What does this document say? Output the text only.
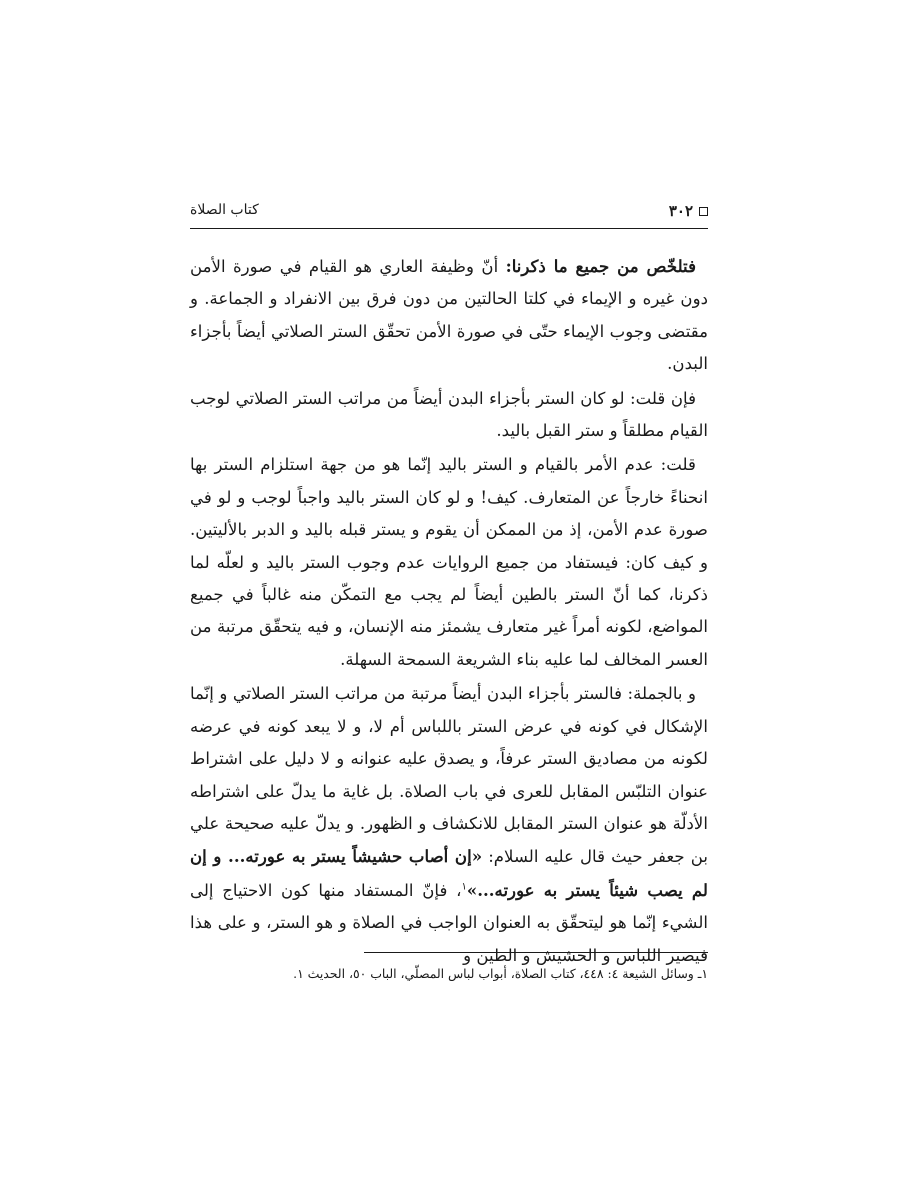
٣٠٢
كتاب الصلاة

فتلخّص من جميع ما ذكرنا: أنّ وظيفة العاري هو القيام في صورة الأمن دون غيره و الإيماء في كلتا الحالتين من دون فرق بين الانفراد و الجماعة. و مقتضى وجوب الإيماء حتّى في صورة الأمن تحقّق الستر الصلاتي أيضاً بأجزاء البدن.

فإن قلت: لو كان الستر بأجزاء البدن أيضاً من مراتب الستر الصلاتي لوجب القيام مطلقاً و ستر القبل باليد.

قلت: عدم الأمر بالقيام و الستر باليد إنّما هو من جهة استلزام الستر بها انحناءً خارجاً عن المتعارف. كيف! و لو كان الستر باليد واجباً لوجب و لو في صورة عدم الأمن، إذ من الممكن أن يقوم و يستر قبله باليد و الدبر بالأليتين. و كيف كان: فيستفاد من جميع الروايات عدم وجوب الستر باليد و لعلّه لما ذكرنا، كما أنّ الستر بالطين أيضاً لم يجب مع التمكّن منه غالباً في جميع المواضع، لكونه أمراً غير متعارف يشمئز منه الإنسان، و فيه يتحقّق مرتبة من العسر المخالف لما عليه بناء الشريعة السمحة السهلة.

و بالجملة: فالستر بأجزاء البدن أيضاً مرتبة من مراتب الستر الصلاتي و إنّما الإشكال في كونه في عرض الستر باللباس أم لا، و لا يبعد كونه في عرضه لكونه من مصاديق الستر عرفاً، و يصدق عليه عنوانه و لا دليل على اشتراط عنوان التلبّس المقابل للعرى في باب الصلاة. بل غاية ما يدلّ على اشتراطه الأدلّة هو عنوان الستر المقابل للانكشاف و الظهور. و يدلّ عليه صحيحة علي بن جعفر حيث قال عليه السلام: «إن أصاب حشيشاً يستر به عورته... و إن لم يصب شيئاً يستر به عورته...»$^١$، فإنّ المستفاد منها كون الاحتياج إلى الشيء إنّما هو ليتحقّق به العنوان الواجب في الصلاة و هو الستر، و على هذا فيصير اللباس و الحشيش و الطين و

١ـ وسائل الشيعة ٤: ٤٤٨، كتاب الصلاة، أبواب لباس المصلّي، الباب ٥٠، الحديث ١.
